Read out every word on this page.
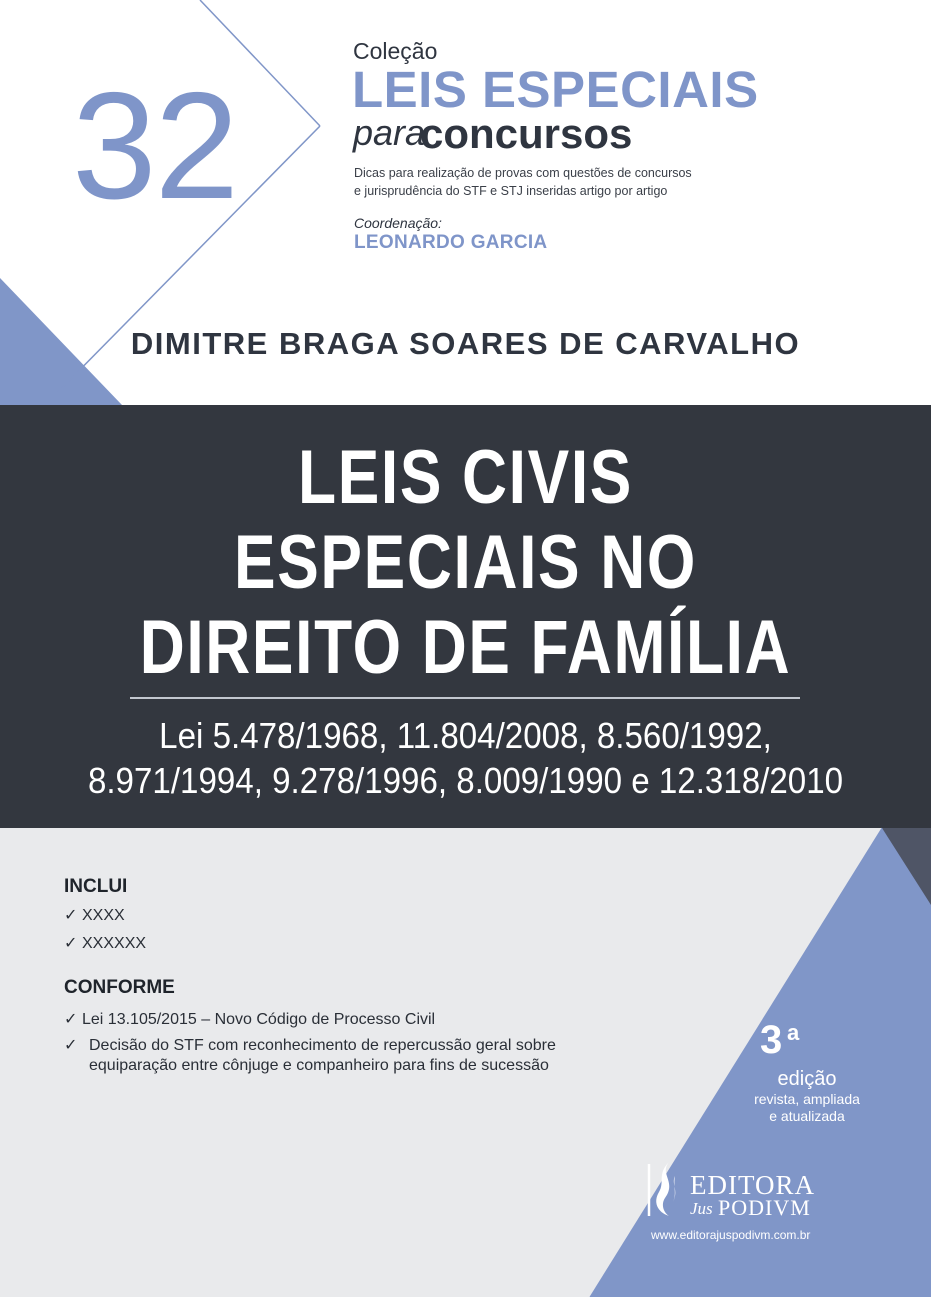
32
Coleção
LEIS ESPECIAIS
para
concursos
Dicas para realização de provas com questões de concursos
e jurisprudência do STF e STJ inseridas artigo por artigo
Coordenação:
LEONARDO GARCIA
DIMITRE BRAGA SOARES DE CARVALHO
LEIS CIVIS
ESPECIAIS NO
DIREITO DE FAMÍLIA
Lei 5.478/1968, 11.804/2008, 8.560/1992,
8.971/1994, 9.278/1996, 8.009/1990 e 12.318/2010
INCLUI
✓ XXXX
✓ XXXXXX
CONFORME
✓ Lei 13.105/2015 – Novo Código de Processo Civil
✓ Decisão do STF com reconhecimento de repercussão geral sobre equiparação entre cônjuge e companheiro para fins de sucessão
3 a
edição
revista, ampliada
e atualizada
EDITORA
Jus PODIVM
www.editorajuspodivm.com.br
